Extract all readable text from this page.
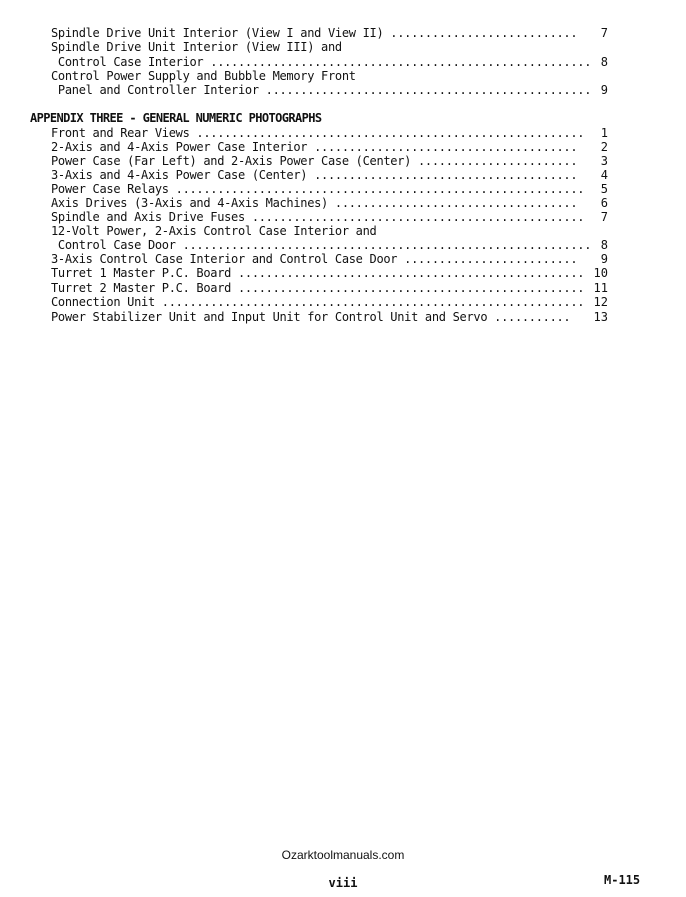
Spindle Drive Unit Interior (View I and View II) ...........................	7
Spindle Drive Unit Interior (View III) and
Control Case Interior ....................................................... 8
Control Power Supply and Bubble Memory Front
Panel and Controller Interior ............................................... 9
APPENDIX THREE - GENERAL NUMERIC PHOTOGRAPHS
Front and Rear Views ........................................................	1
2-Axis and 4-Axis Power Case Interior ......................................	2
Power Case (Far Left) and 2-Axis Power Case (Center) .......................	3
3-Axis and 4-Axis Power Case (Center) ......................................	4
Power Case Relays ...........................................................	5
Axis Drives (3-Axis and 4-Axis Machines) ...................................	6
Spindle and Axis Drive Fuses ................................................	7
12-Volt Power, 2-Axis Control Case Interior and
Control Case Door ........................................................... 8
3-Axis Control Case Interior and Control Case Door .........................	9
Turret 1 Master P.C. Board .................................................. 10
Turret 2 Master P.C. Board .................................................. 11
Connection Unit ............................................................. 12
Power Stabilizer Unit and Input Unit for Control Unit and Servo ...........	13
Ozarktoolmanuals.com
viii	M-115
